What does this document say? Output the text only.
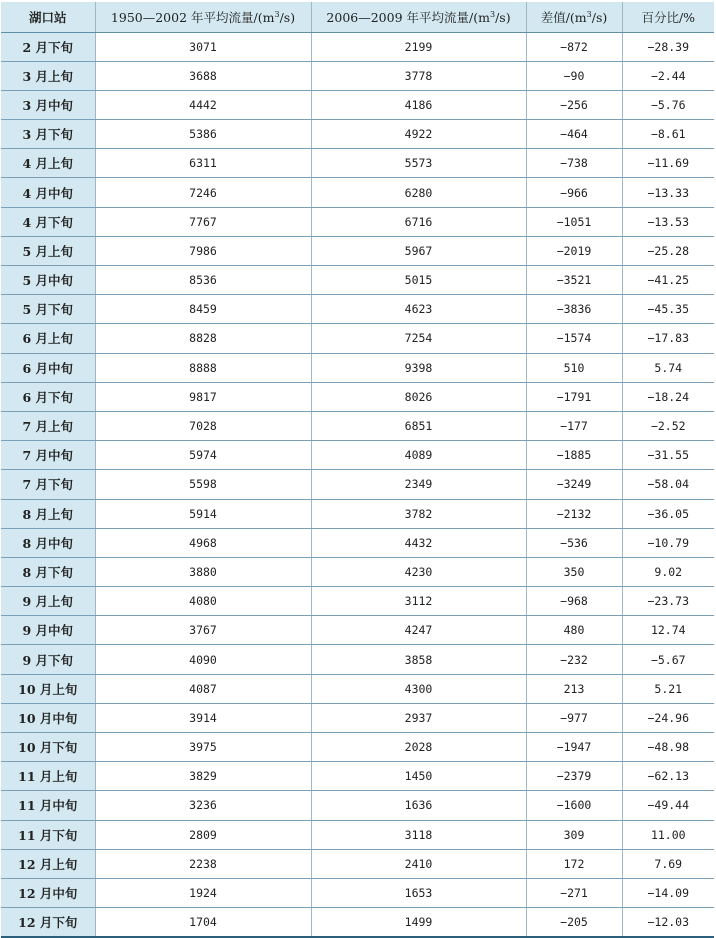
湖口站	1950—2002 年平均流量$/(m^3/s)$	2006—2009 年平均流量$/(m^3/s)$	差值$/(m^3/s)$	百分比/%
2 月下旬	3071	2199	−872	−28.39
3 月上旬	3688	3778	−90	−2.44
3 月中旬	4442	4186	−256	−5.76
3 月下旬	5386	4922	−464	−8.61
4 月上旬	6311	5573	−738	−11.69
4 月中旬	7246	6280	−966	−13.33
4 月下旬	7767	6716	−1051	−13.53
5 月上旬	7986	5967	−2019	−25.28
5 月中旬	8536	5015	−3521	−41.25
5 月下旬	8459	4623	−3836	−45.35
6 月上旬	8828	7254	−1574	−17.83
6 月中旬	8888	9398	510	5.74
6 月下旬	9817	8026	−1791	−18.24
7 月上旬	7028	6851	−177	−2.52
7 月中旬	5974	4089	−1885	−31.55
7 月下旬	5598	2349	−3249	−58.04
8 月上旬	5914	3782	−2132	−36.05
8 月中旬	4968	4432	−536	−10.79
8 月下旬	3880	4230	350	9.02
9 月上旬	4080	3112	−968	−23.73
9 月中旬	3767	4247	480	12.74
9 月下旬	4090	3858	−232	−5.67
10 月上旬	4087	4300	213	5.21
10 月中旬	3914	2937	−977	−24.96
10 月下旬	3975	2028	−1947	−48.98
11 月上旬	3829	1450	−2379	−62.13
11 月中旬	3236	1636	−1600	−49.44
11 月下旬	2809	3118	309	11.00
12 月上旬	2238	2410	172	7.69
12 月中旬	1924	1653	−271	−14.09
12 月下旬	1704	1499	−205	−12.03
